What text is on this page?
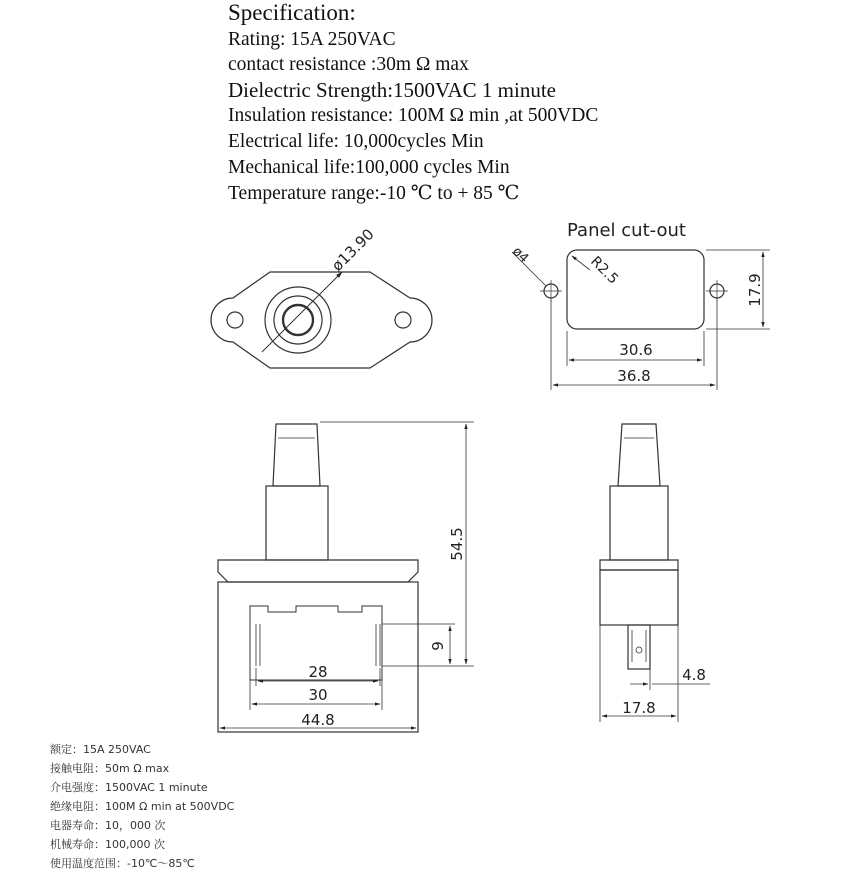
Specification:
Rating: 15A 250VAC
contact resistance :30m Ω max
Dielectric Strength:1500VAC 1 minute
Insulation resistance: 100M Ω min ,at 500VDC
Electrical life: 10,000cycles Min
Mechanical life:100,000 cycles Min
Temperature range:-10 ℃ to + 85 ℃
ø13.90	Panel cut-out
ø4	R2.5
17.9
30.6
36.8
54.5
9
28
30
44.8
4.8
17.8
额定：15A 250VAC
接触电阻：50m Ω max
介电强度：1500VAC 1 minute
绝缘电阻：100M Ω min at 500VDC
电器寿命：10，000 次
机械寿命：100,000 次
使用温度范围：-10℃～85℃
